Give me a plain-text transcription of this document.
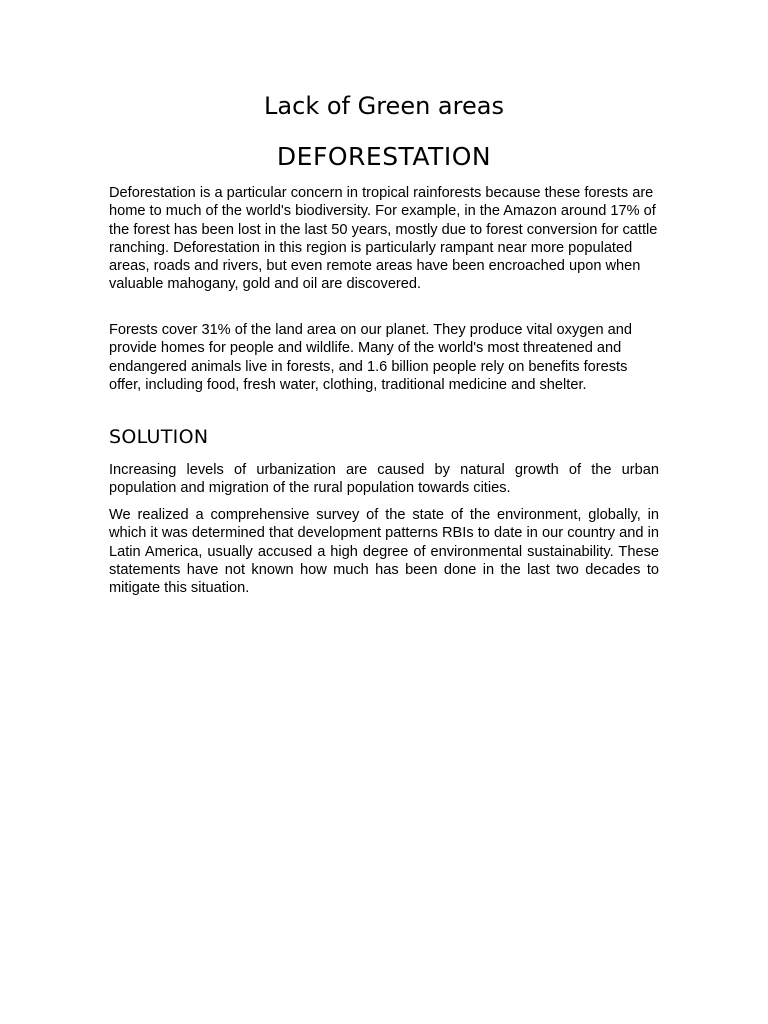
Lack of Green areas
DEFORESTATION

Deforestation is a particular concern in tropical rainforests because these forests are home to much of the world's biodiversity. For example, in the Amazon around 17% of the forest has been lost in the last 50 years, mostly due to forest conversion for cattle ranching. Deforestation in this region is particularly rampant near more populated areas, roads and rivers, but even remote areas have been encroached upon when valuable mahogany, gold and oil are discovered.

Forests cover 31% of the land area on our planet. They produce vital oxygen and provide homes for people and wildlife. Many of the world's most threatened and endangered animals live in forests, and 1.6 billion people rely on benefits forests offer, including food, fresh water, clothing, traditional medicine and shelter.

SOLUTION

Increasing levels of urbanization are caused by natural growth of the urban population and migration of the rural population towards cities.

We realized a comprehensive survey of the state of the environment, globally, in which it was determined that development patterns RBIs to date in our country and in Latin America, usually accused a high degree of environmental sustainability. These statements have not known how much has been done in the last two decades to mitigate this situation.
